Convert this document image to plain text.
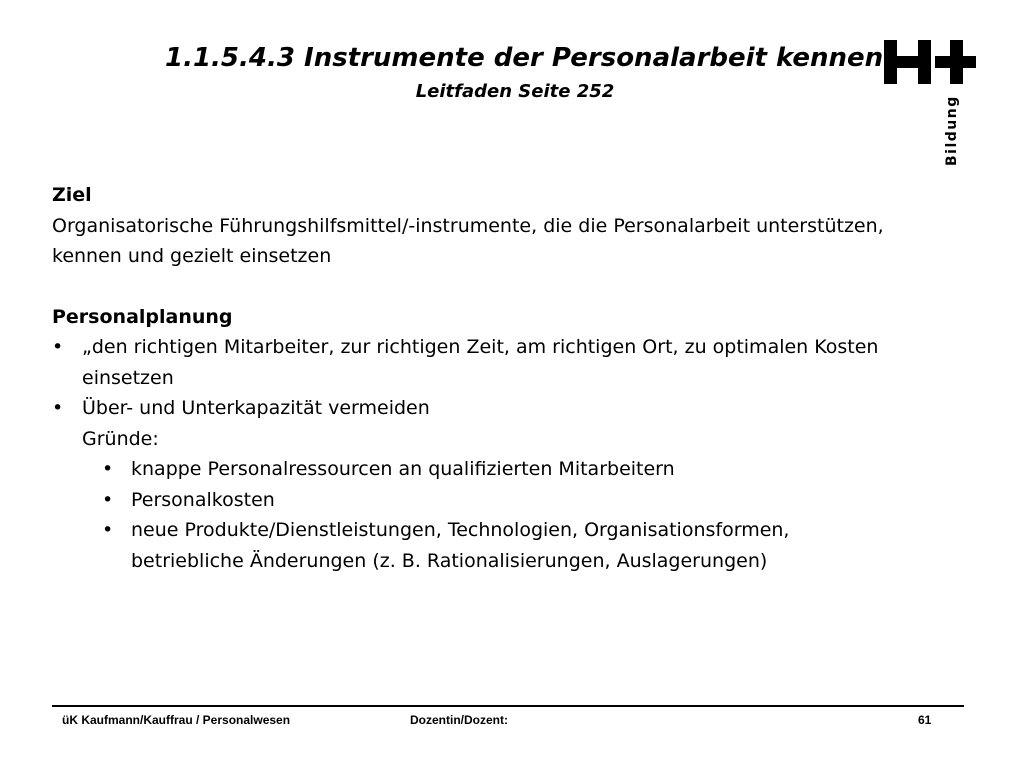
1.1.5.4.3 Instrumente der Personalarbeit kennen
Leitfaden Seite 252
Bildung

Ziel

Organisatorische Führungshilfsmittel/-instrumente, die die Personalarbeit unterstützen,

kennen und gezielt einsetzen

Personalplanung

• „den richtigen Mitarbeiter, zur richtigen Zeit, am richtigen Ort, zu optimalen Kosten

einsetzen

• Über- und Unterkapazität vermeiden

Gründe:

• knappe Personalressourcen an qualifizierten Mitarbeitern

• Personalkosten

• neue Produkte/Dienstleistungen, Technologien, Organisationsformen,

betriebliche Änderungen (z. B. Rationalisierungen, Auslagerungen)

üK Kaufmann/Kauffrau / Personalwesen	Dozentin/Dozent:	61
